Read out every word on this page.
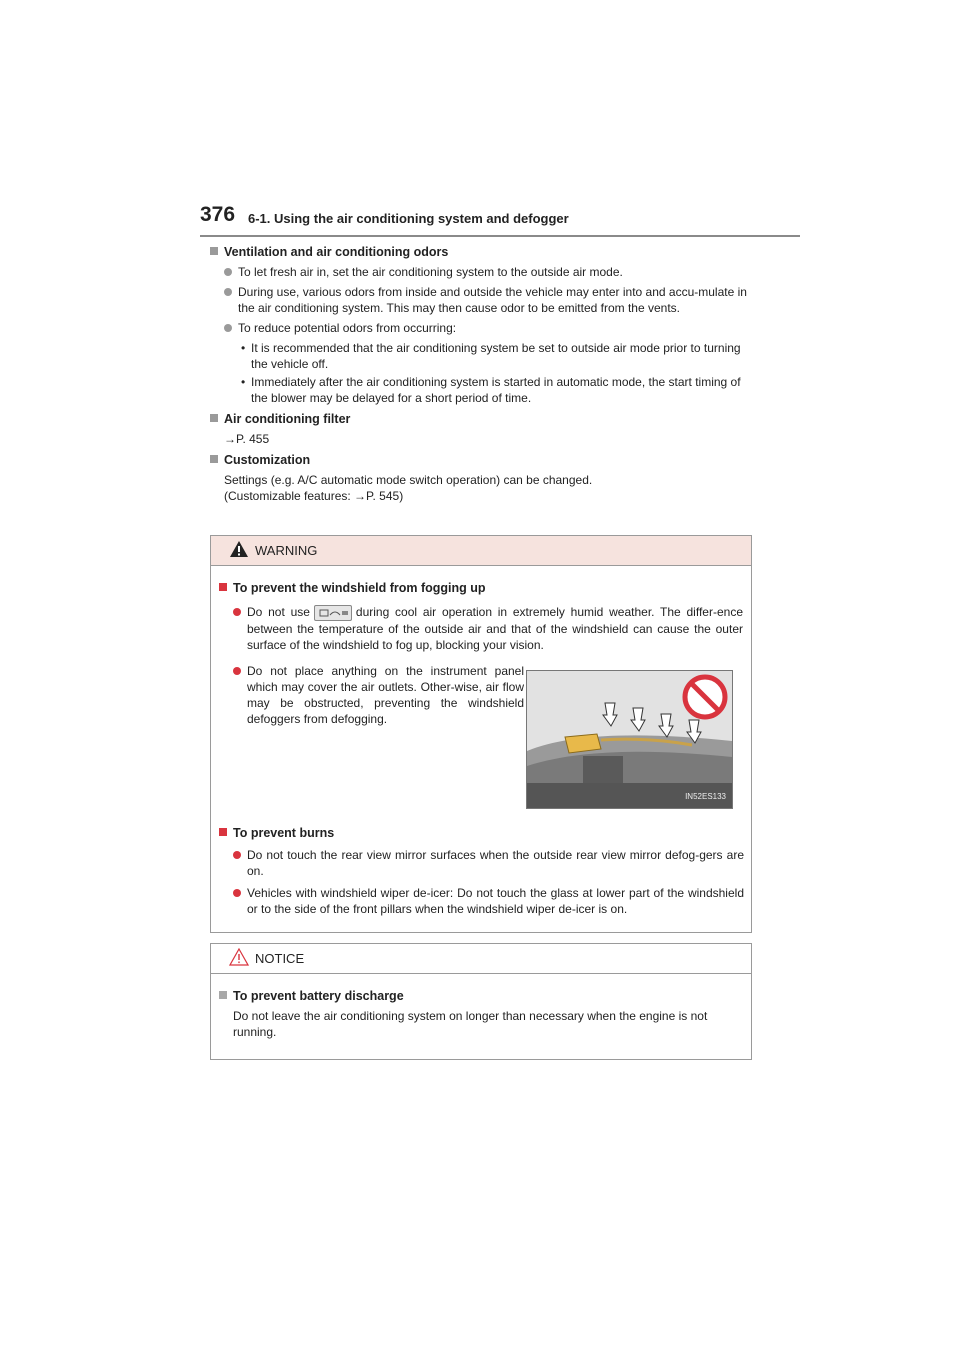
376 6-1. Using the air conditioning system and defogger
Ventilation and air conditioning odors
To let fresh air in, set the air conditioning system to the outside air mode.
During use, various odors from inside and outside the vehicle may enter into and accu-mulate in the air conditioning system. This may then cause odor to be emitted from the vents.
To reduce potential odors from occurring:
• It is recommended that the air conditioning system be set to outside air mode prior to turning the vehicle off.
• Immediately after the air conditioning system is started in automatic mode, the start timing of the blower may be delayed for a short period of time.
Air conditioning filter
→P. 455
Customization
Settings (e.g. A/C automatic mode switch operation) can be changed.
(Customizable features: →P. 545)
WARNING
To prevent the windshield from fogging up
Do not use	during cool air operation in extremely humid weather. The differ-ence between the temperature of the outside air and that of the windshield can cause the outer surface of the windshield to fog up, blocking your vision.
Do not place anything on the instrument panel which may cover the air outlets. Other-wise, air flow may be obstructed, preventing the windshield defoggers from defogging.
IN52ES133
To prevent burns
Do not touch the rear view mirror surfaces when the outside rear view mirror defog-gers are on.
Vehicles with windshield wiper de-icer: Do not touch the glass at lower part of the windshield or to the side of the front pillars when the windshield wiper de-icer is on.
NOTICE
To prevent battery discharge
Do not leave the air conditioning system on longer than necessary when the engine is not running.
